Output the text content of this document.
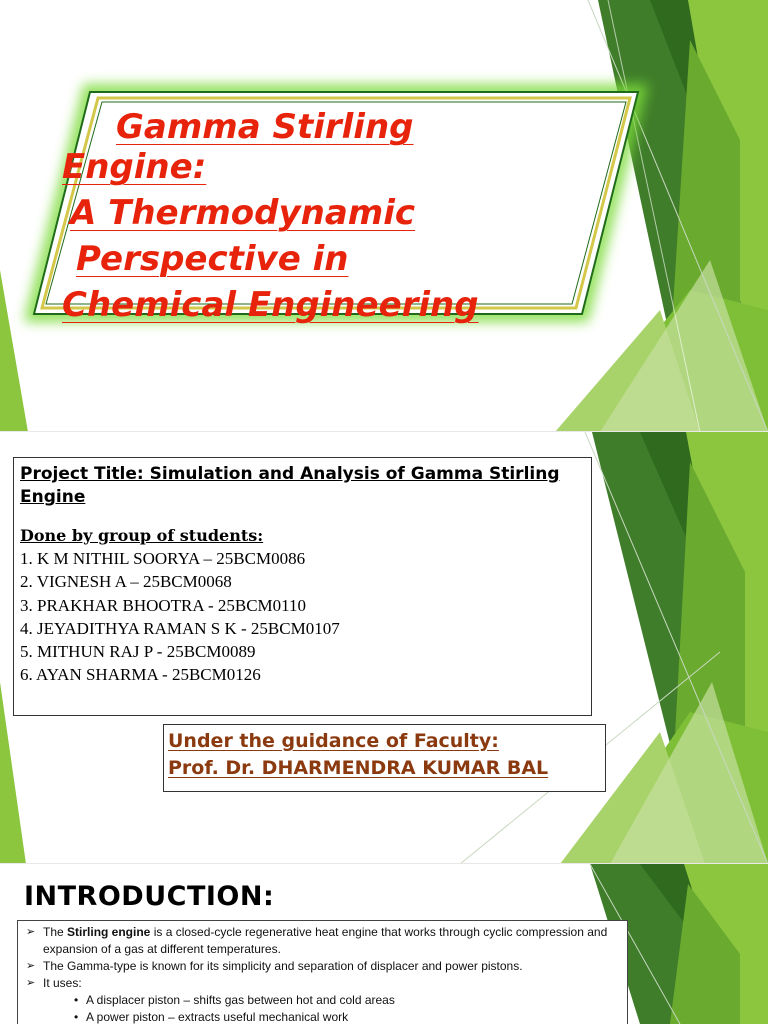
Gamma Stirling
Engine:
A Thermodynamic
Perspective in
Chemical Engineering
Project Title: Simulation and Analysis of Gamma Stirling Engine
Done by group of students:
1. K M NITHIL SOORYA – 25BCM0086
2. VIGNESH A – 25BCM0068
3. PRAKHAR BHOOTRA - 25BCM0110
4. JEYADITHYA RAMAN S K - 25BCM0107
5. MITHUN RAJ P - 25BCM0089
6. AYAN SHARMA - 25BCM0126
Under the guidance of Faculty:
Prof. Dr. DHARMENDRA KUMAR BAL
INTRODUCTION:
➢ The Stirling engine is a closed-cycle regenerative heat engine that works through cyclic compression and expansion of a gas at different temperatures.
➢ The Gamma-type is known for its simplicity and separation of displacer and power pistons.
➢ It uses:
• A displacer piston – shifts gas between hot and cold areas
• A power piston – extracts useful mechanical work
